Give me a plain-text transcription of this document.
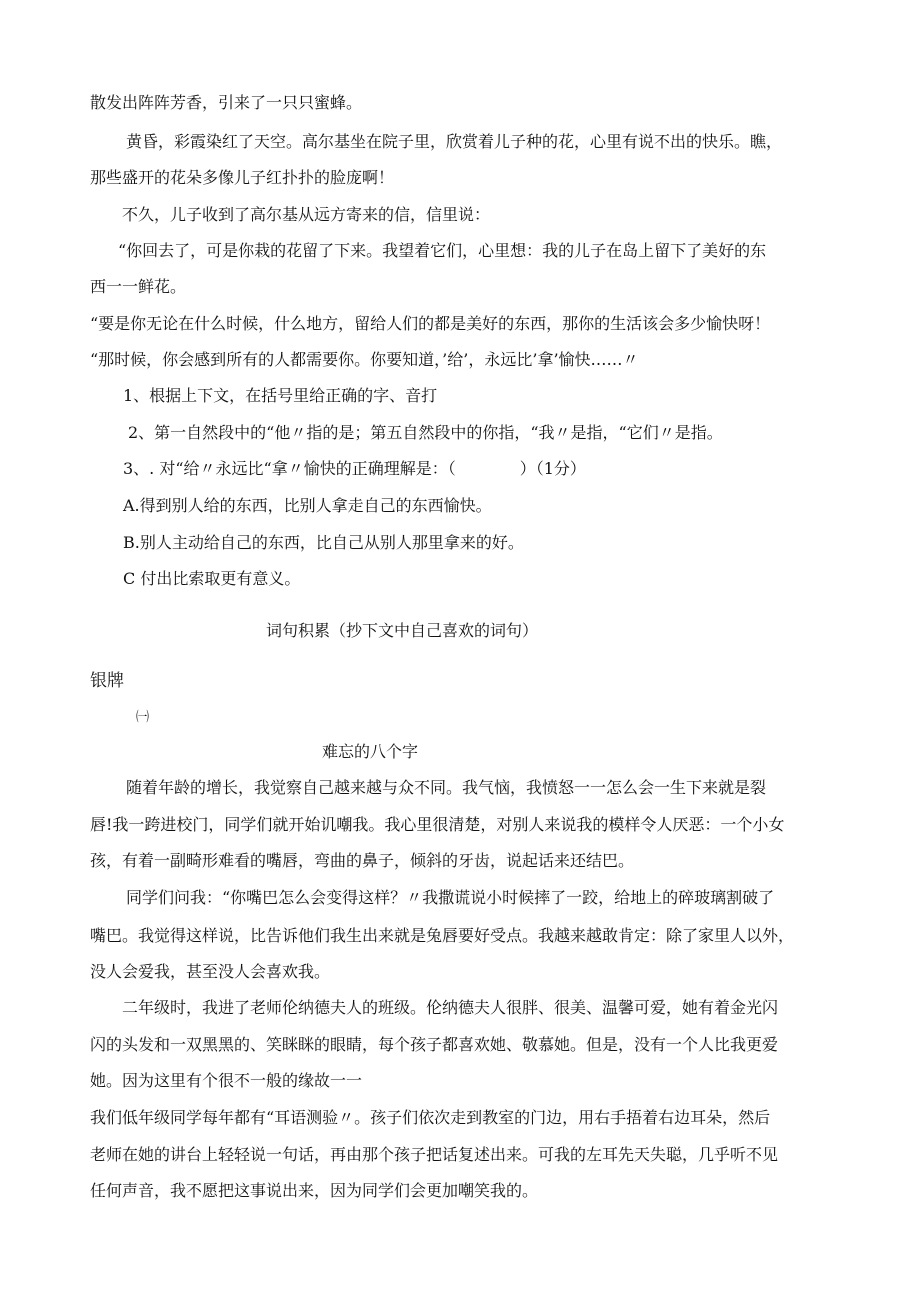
散发出阵阵芳香，引来了一只只蜜蜂。
黄昏，彩霞染红了天空。高尔基坐在院子里，欣赏着儿子种的花，心里有说不出的快乐。瞧，
那些盛开的花朵多像儿子红扑扑的脸庞啊！
不久，儿子收到了高尔基从远方寄来的信，信里说：
“你回去了，可是你栽的花留了下来。我望着它们，心里想：我的儿子在岛上留下了美好的东
西一一鲜花。
“要是你无论在什么时候，什么地方，留给人们的都是美好的东西，那你的生活该会多少愉快呀！
“那时候，你会感到所有的人都需要你。你要知道，’给’，永远比’拿’愉快……〃
1、根据上下文，在括号里给正确的字、音打
2、第一自然段中的“他〃指的是；第五自然段中的你指，“我〃是指，“它们〃是指。
3、. 对“给〃永远比“拿〃愉快的正确理解是：（　　　　）（1分）
A.得到别人给的东西，比别人拿走自己的东西愉快。
B.别人主动给自己的东西，比自己从别人那里拿来的好。
C 付出比索取更有意义。
词句积累（抄下文中自己喜欢的词句）
银牌
㈠
难忘的八个字
随着年龄的增长，我觉察自己越来越与众不同。我气恼，我愤怒一一怎么会一生下来就是裂
唇!我一跨进校门，同学们就开始讥嘲我。我心里很清楚，对别人来说我的模样令人厌恶：一个小女
孩，有着一副畸形难看的嘴唇，弯曲的鼻子，倾斜的牙齿，说起话来还结巴。
同学们问我：“你嘴巴怎么会变得这样？〃我撒谎说小时候摔了一跤，给地上的碎玻璃割破了
嘴巴。我觉得这样说，比告诉他们我生出来就是兔唇要好受点。我越来越敢肯定：除了家里人以外，
没人会爱我，甚至没人会喜欢我。
二年级时，我进了老师伦纳德夫人的班级。伦纳德夫人很胖、很美、温馨可爱，她有着金光闪
闪的头发和一双黑黑的、笑眯眯的眼睛，每个孩子都喜欢她、敬慕她。但是，没有一个人比我更爱
她。因为这里有个很不一般的缘故一一
我们低年级同学每年都有“耳语测验〃。孩子们依次走到教室的门边，用右手捂着右边耳朵，然后
老师在她的讲台上轻轻说一句话，再由那个孩子把话复述出来。可我的左耳先天失聪，几乎听不见
任何声音，我不愿把这事说出来，因为同学们会更加嘲笑我的。
